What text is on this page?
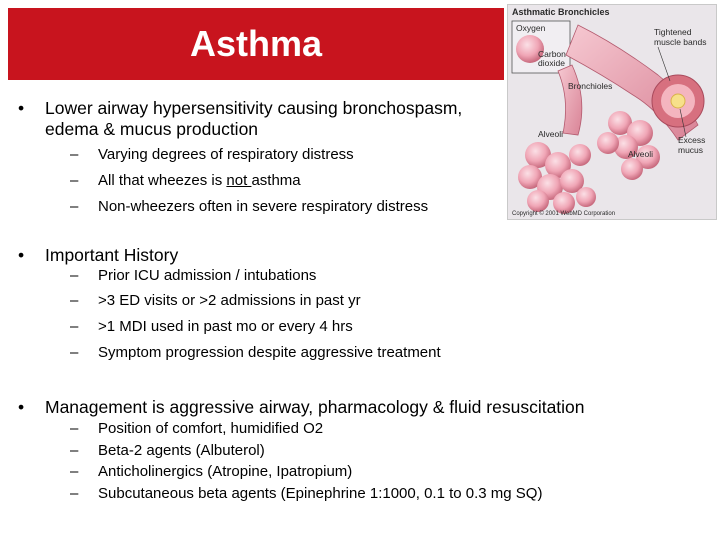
Asthma
Asthmatic Bronchicles
Oxygen
Carbon
dioxide
Tightened
muscle bands
Bronchioles
Alveoli
Alveoli
Excess
mucus
Copyright © 2001 WebMD Corporation
• Lower airway hypersensitivity causing bronchospasm,
edema & mucus production
– Varying degrees of respiratory distress
– All that wheezes is not asthma
– Non-wheezers often in severe respiratory distress
• Important History
– Prior ICU admission / intubations
– >3 ED visits or >2 admissions in past yr
– >1 MDI used in past mo or every 4 hrs
– Symptom progression despite aggressive treatment
• Management is aggressive airway, pharmacology & fluid resuscitation
– Position of comfort, humidified O2
– Beta-2 agents (Albuterol)
– Anticholinergics (Atropine, Ipatropium)
– Subcutaneous beta agents (Epinephrine 1:1000, 0.1 to 0.3 mg SQ)
